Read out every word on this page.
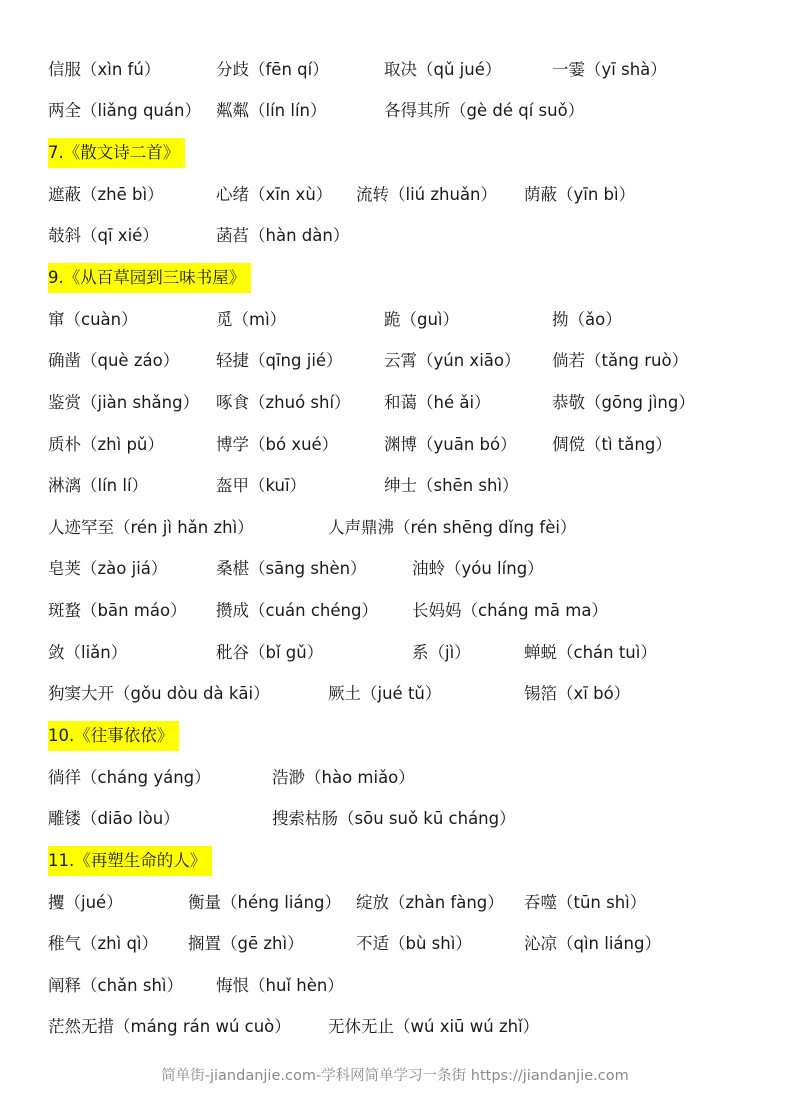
信服（xìn fú）	分歧（fēn qí）	取决（qǔ jué）	一霎（yī shà）
两全（liǎng quán） 粼粼（lín lín）	各得其所（gè dé qí suǒ）
7.《散文诗二首》
遮蔽（zhē bì）	心绪（xīn xù） 流转（liú zhuǎn） 荫蔽（yīn bì）
攲斜（qī xié）	菡萏（hàn dàn）
9.《从百草园到三味书屋》
窜（cuàn）	觅（mì）	跪（guì）	拗（ǎo）
确凿（què záo） 轻捷（qīng jié）	云霄（yún xiāo） 倘若（tǎng ruò）
鉴赏（jiàn shǎng） 啄食（zhuó shí） 和蔼（hé ǎi）	恭敬（gōng jìng）
质朴（zhì pǔ）	博学（bó xué）	渊博（yuān bó） 倜傥（tì tǎng）
淋漓（lín lí）	盔甲（kuī）	绅士（shēn shì）
人迹罕至（rén jì hǎn zhì）	人声鼎沸（rén shēng dǐng fèi）
皂荚（zào jiá）	桑椹（sāng shèn）	油蛉（yóu líng）
斑蝥（bān máo） 攒成（cuán chéng） 长妈妈（cháng mā ma）
敛（liǎn）	秕谷（bǐ gǔ）	系（jì）	蝉蜕（chán tuì）
狗窦大开（gǒu dòu dà kāi）	厥土（jué tǔ）	锡箔（xī bó）
10.《往事依依》
徜徉（cháng yáng）	浩渺（hào miǎo）
雕镂（diāo lòu）	搜索枯肠（sōu suǒ kū cháng）
11.《再塑生命的人》
攫（jué）	衡量（héng liáng） 绽放（zhàn fàng） 吞噬（tūn shì）
稚气（zhì qì） 搁置（gē zhì）	不适（bù shì）	沁凉（qìn liáng）
阐释（chǎn shì） 悔恨（huǐ hèn）
茫然无措（máng rán wú cuò） 无休无止（wú xiū wú zhǐ）
简单街-jiandanjie.com-学科网简单学习一条街 https://jiandanjie.com
